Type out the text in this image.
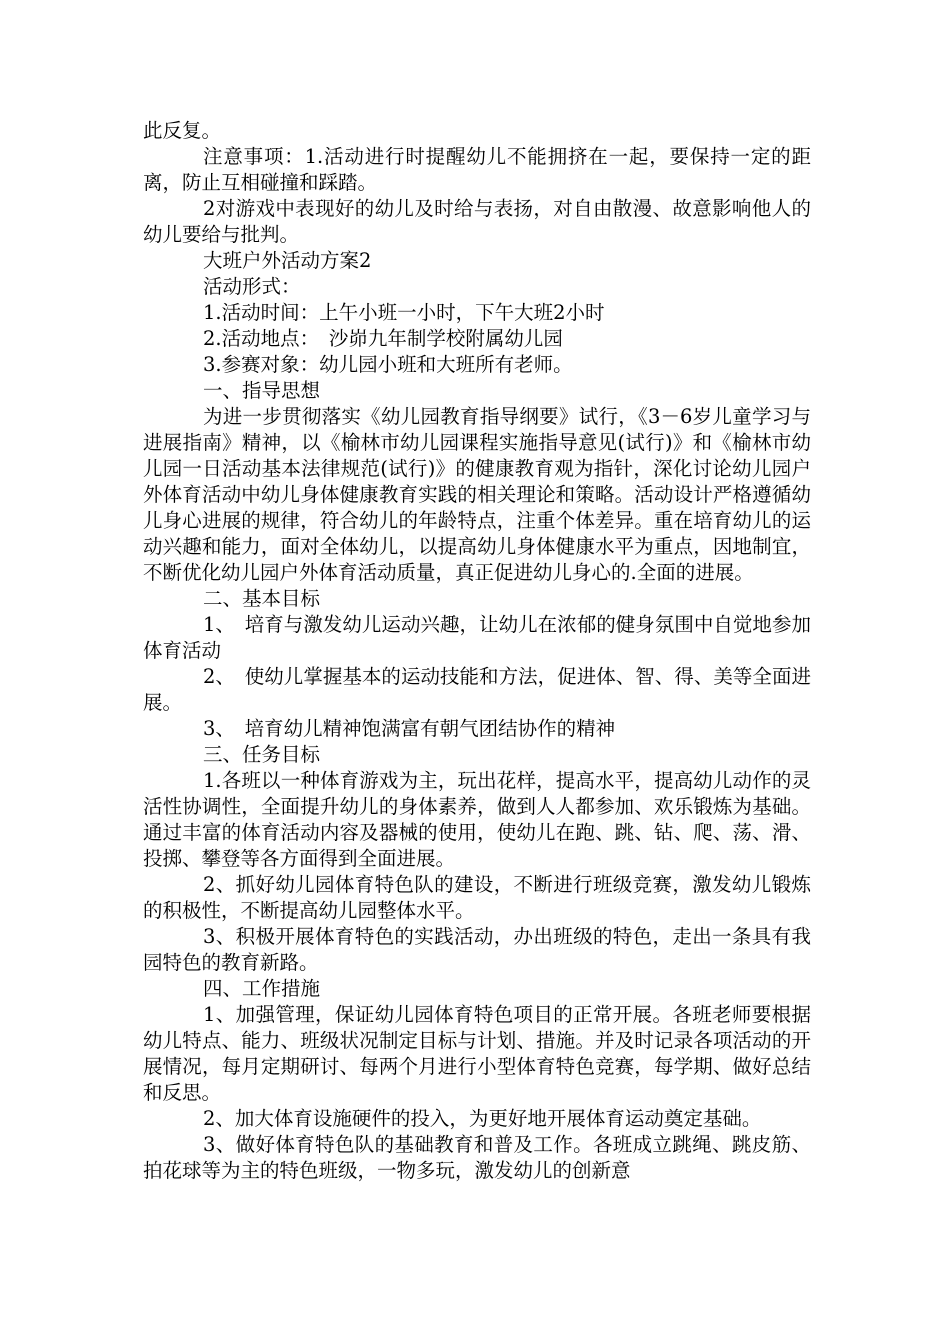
此反复。

注意事项：1.活动进行时提醒幼儿不能拥挤在一起，要保持一定的距离，防止互相碰撞和踩踏。

2对游戏中表现好的幼儿及时给与表扬，对自由散漫、故意影响他人的幼儿要给与批判。

大班户外活动方案2

活动形式：

1.活动时间：上午小班一小时，下午大班2小时

2.活动地点：　沙峁九年制学校附属幼儿园

3.参赛对象：幼儿园小班和大班所有老师。

一、指导思想

为进一步贯彻落实《幼儿园教育指导纲要》试行，《3－6岁儿童学习与进展指南》精神，以《榆林市幼儿园课程实施指导意见(试行)》和《榆林市幼儿园一日活动基本法律规范(试行)》的健康教育观为指针，深化讨论幼儿园户外体育活动中幼儿身体健康教育实践的相关理论和策略。活动设计严格遵循幼儿身心进展的规律，符合幼儿的年龄特点，注重个体差异。重在培育幼儿的运动兴趣和能力，面对全体幼儿，以提高幼儿身体健康水平为重点，因地制宜，不断优化幼儿园户外体育活动质量，真正促进幼儿身心的.全面的进展。

二、基本目标

1、　培育与激发幼儿运动兴趣，让幼儿在浓郁的健身氛围中自觉地参加体育活动

2、　使幼儿掌握基本的运动技能和方法，促进体、智、得、美等全面进展。

3、　培育幼儿精神饱满富有朝气团结协作的精神

三、任务目标

1.各班以一种体育游戏为主，玩出花样，提高水平，提高幼儿动作的灵活性协调性，全面提升幼儿的身体素养，做到人人都参加、欢乐锻炼为基础。通过丰富的体育活动内容及器械的使用，使幼儿在跑、跳、钻、爬、荡、滑、投掷、攀登等各方面得到全面进展。

2、抓好幼儿园体育特色队的建设，不断进行班级竞赛，激发幼儿锻炼的积极性，不断提高幼儿园整体水平。

3、积极开展体育特色的实践活动，办出班级的特色，走出一条具有我园特色的教育新路。

四、工作措施

1、加强管理，保证幼儿园体育特色项目的正常开展。各班老师要根据幼儿特点、能力、班级状况制定目标与计划、措施。并及时记录各项活动的开展情况，每月定期研讨、每两个月进行小型体育特色竞赛，每学期、做好总结和反思。

2、加大体育设施硬件的投入，为更好地开展体育运动奠定基础。

3、做好体育特色队的基础教育和普及工作。各班成立跳绳、跳皮筋、拍花球等为主的特色班级，一物多玩，激发幼儿的创新意
